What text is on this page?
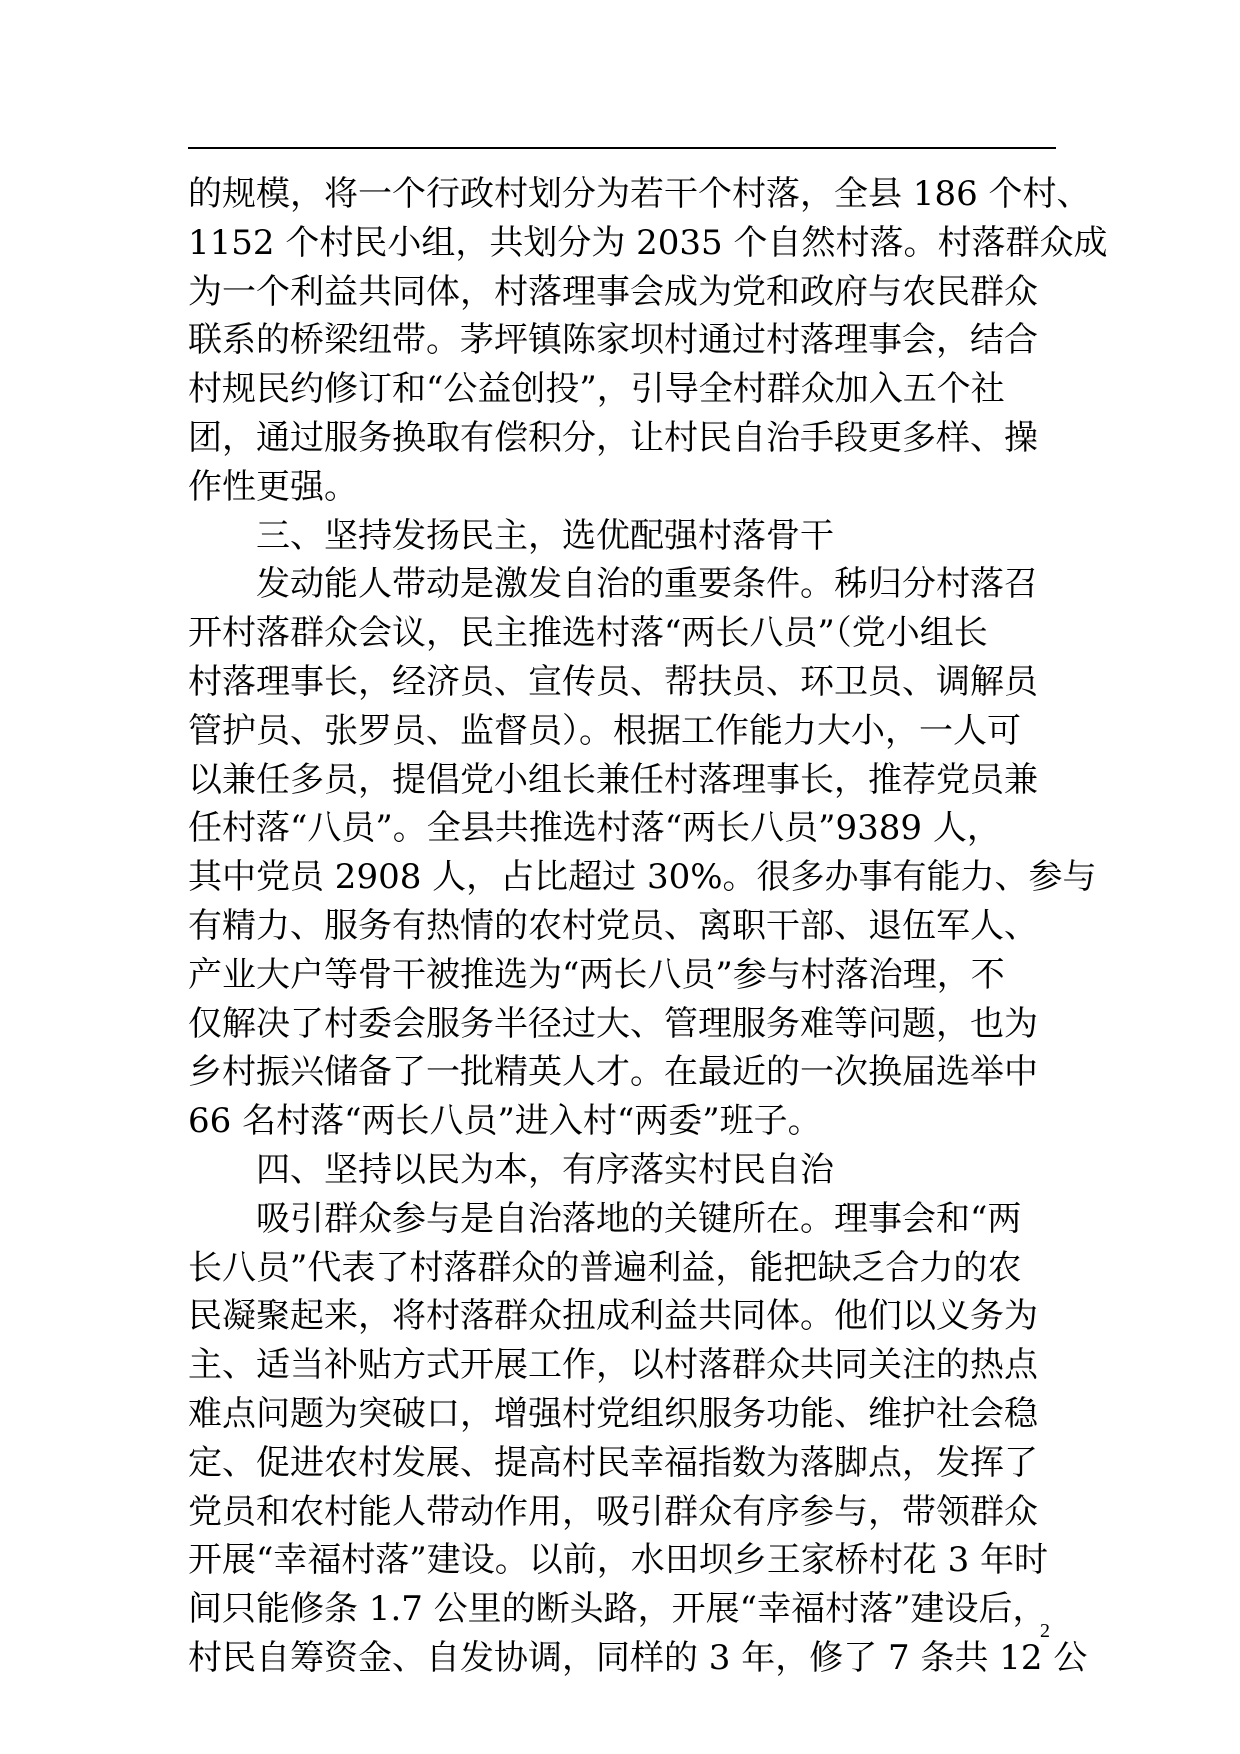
的规模，将一个行政村划分为若干个村落，全县 186 个村、
1152 个村民小组，共划分为 2035 个自然村落。村落群众成
为一个利益共同体，村落理事会成为党和政府与农民群众
联系的桥梁纽带。茅坪镇陈家坝村通过村落理事会，结合
村规民约修订和“公益创投”，引导全村群众加入五个社
团，通过服务换取有偿积分，让村民自治手段更多样、操
作性更强。
三、坚持发扬民主，选优配强村落骨干
发动能人带动是激发自治的重要条件。秭归分村落召
开村落群众会议，民主推选村落“两长八员”（党小组长
村落理事长，经济员、宣传员、帮扶员、环卫员、调解员
管护员、张罗员、监督员）。根据工作能力大小，一人可
以兼任多员，提倡党小组长兼任村落理事长，推荐党员兼
任村落“八员”。全县共推选村落“两长八员”9389 人，
其中党员 2908 人，占比超过 30%。很多办事有能力、参与
有精力、服务有热情的农村党员、离职干部、退伍军人、
产业大户等骨干被推选为“两长八员”参与村落治理，不
仅解决了村委会服务半径过大、管理服务难等问题，也为
乡村振兴储备了一批精英人才。在最近的一次换届选举中
66 名村落“两长八员”进入村“两委”班子。
四、坚持以民为本，有序落实村民自治
吸引群众参与是自治落地的关键所在。理事会和“两
长八员”代表了村落群众的普遍利益，能把缺乏合力的农
民凝聚起来，将村落群众扭成利益共同体。他们以义务为
主、适当补贴方式开展工作，以村落群众共同关注的热点
难点问题为突破口，增强村党组织服务功能、维护社会稳
定、促进农村发展、提高村民幸福指数为落脚点，发挥了
党员和农村能人带动作用，吸引群众有序参与，带领群众
开展“幸福村落”建设。以前，水田坝乡王家桥村花 3 年时
间只能修条 1.7 公里的断头路，开展“幸福村落”建设后，
村民自筹资金、自发协调，同样的 3 年，修了 7 条共 12 公
2
